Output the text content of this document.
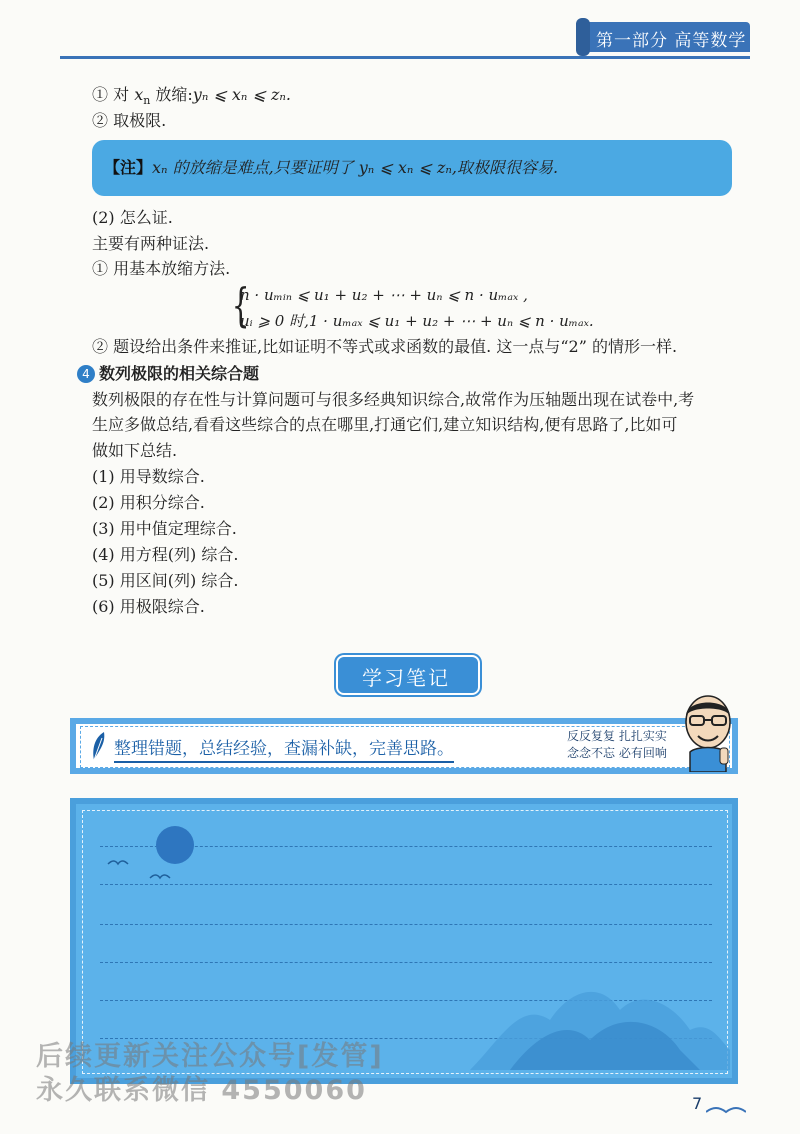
第一部分 高等数学
① 对 $x_n$ 放缩:yₙ ⩽ xₙ ⩽ zₙ.
② 取极限.
【注】 xₙ 的放缩是难点,只要证明了 yₙ ⩽ xₙ ⩽ zₙ,取极限很容易.
(2) 怎么证.
主要有两种证法.
① 用基本放缩方法.
{
n · uₘᵢₙ ⩽ u₁ + u₂ + ⋯ + uₙ ⩽ n · uₘₐₓ ,
uᵢ ⩾ 0 时,1 · uₘₐₓ ⩽ u₁ + u₂ + ⋯ + uₙ ⩽ n · uₘₐₓ.
② 题设给出条件来推证,比如证明不等式或求函数的最值. 这一点与“2” 的情形一样.
4 数列极限的相关综合题
数列极限的存在性与计算问题可与很多经典知识综合,故常作为压轴题出现在试卷中,考
生应多做总结,看看这些综合的点在哪里,打通它们,建立知识结构,便有思路了,比如可
做如下总结.
(1) 用导数综合.
(2) 用积分综合.
(3) 用中值定理综合.
(4) 用方程(列) 综合.
(5) 用区间(列) 综合.
(6) 用极限综合.
学习笔记
整理错题，总结经验，查漏补缺，完善思路。
反反复复 扎扎实实
念念不忘 必有回响
后续更新关注公众号[发管]
永久联系微信 4550060	7
